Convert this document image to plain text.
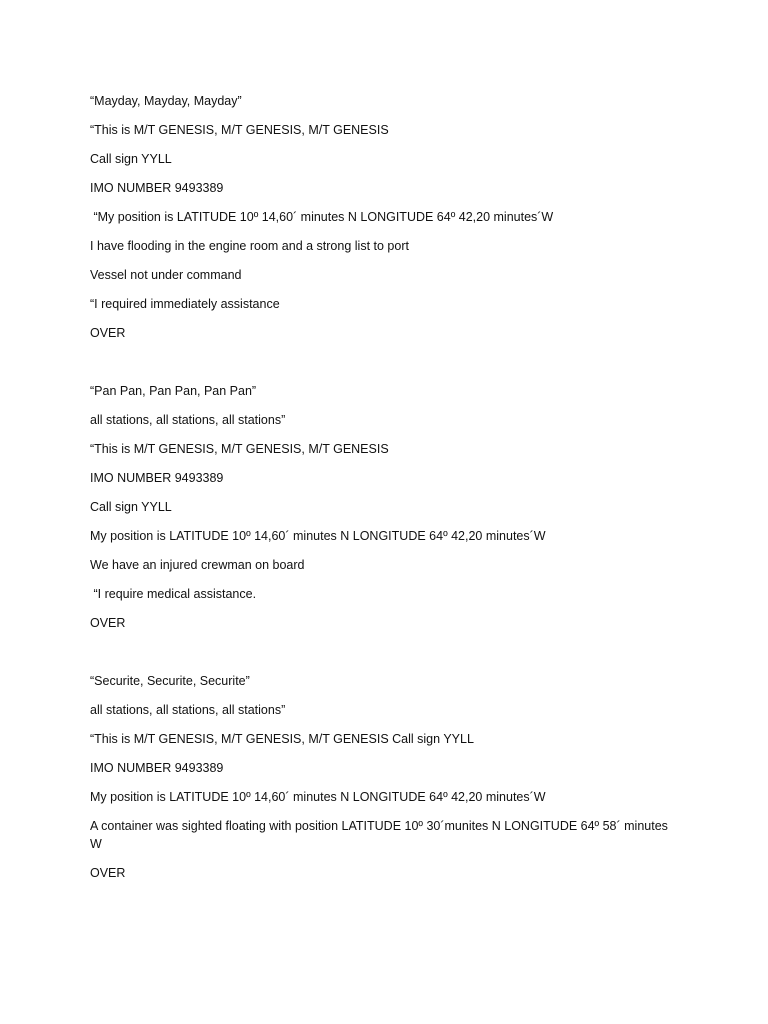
“Mayday, Mayday, Mayday”

“This is M/T GENESIS, M/T GENESIS, M/T GENESIS

Call sign YYLL

IMO NUMBER 9493389

“My position is LATITUDE 10º 14,60´ minutes N LONGITUDE 64º 42,20 minutes´W

I have flooding in the engine room and a strong list to port

Vessel not under command

“I required immediately assistance

OVER

“Pan Pan, Pan Pan, Pan Pan”

all stations, all stations, all stations”

“This is M/T GENESIS, M/T GENESIS, M/T GENESIS

IMO NUMBER 9493389

Call sign YYLL

My position is LATITUDE 10º 14,60´ minutes N LONGITUDE 64º 42,20 minutes´W

We have an injured crewman on board

“I require medical assistance.

OVER

“Securite, Securite, Securite”

all stations, all stations, all stations”

“This is M/T GENESIS, M/T GENESIS, M/T GENESIS Call sign YYLL

IMO NUMBER 9493389

My position is LATITUDE 10º 14,60´ minutes N LONGITUDE 64º 42,20 minutes´W

A container was sighted floating with position LATITUDE 10º 30´munites N LONGITUDE 64º 58´ minutes W

OVER
